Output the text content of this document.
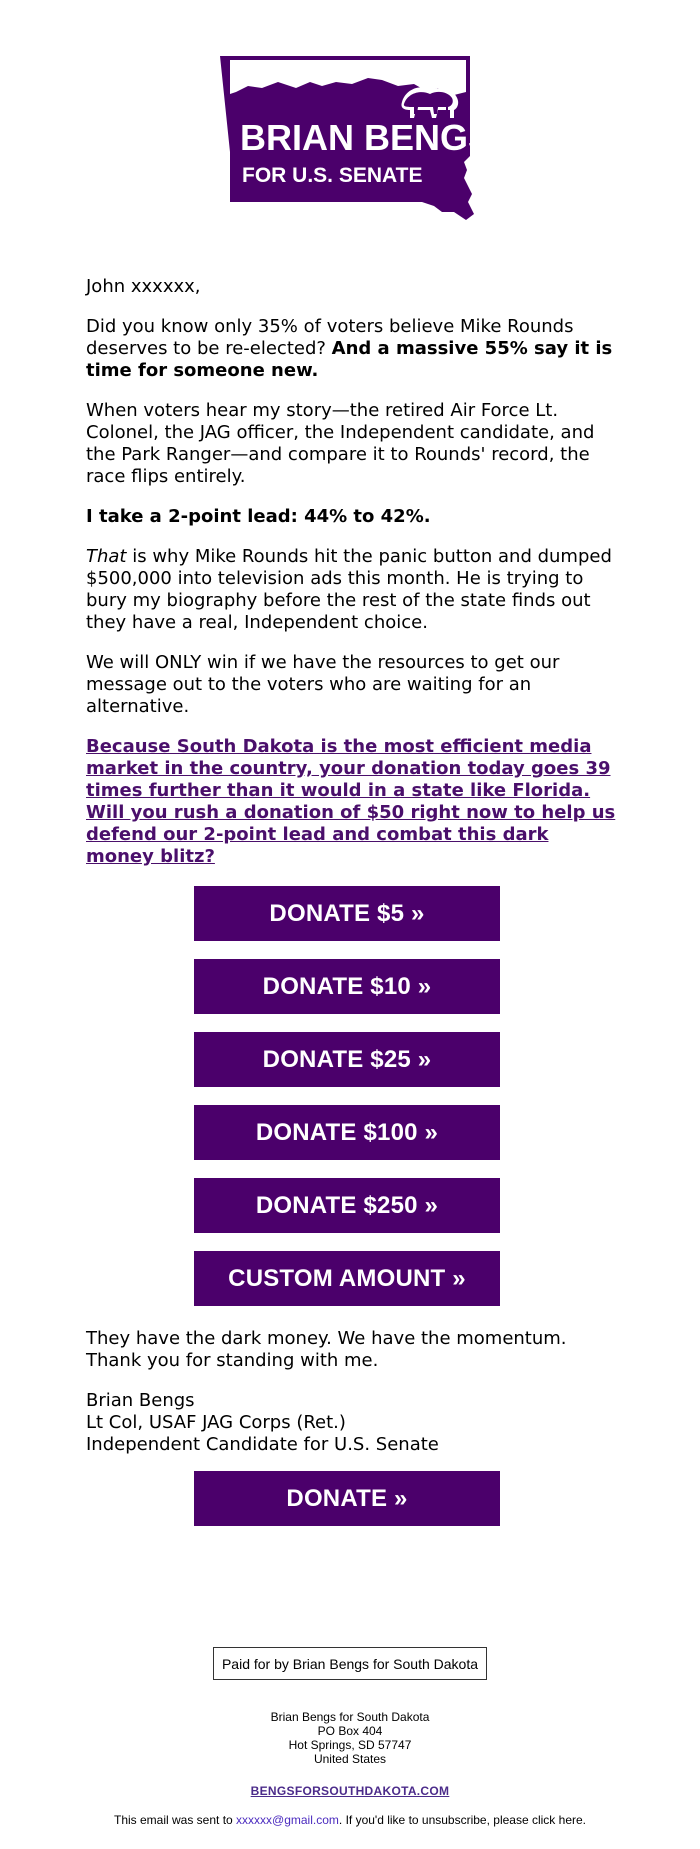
BRIAN BENGS
FOR U.S. SENATE
John xxxxxx,
Did you know only 35% of voters believe Mike Rounds deserves to be re-elected? And a massive 55% say it is time for someone new.
When voters hear my story—the retired Air Force Lt. Colonel, the JAG officer, the Independent candidate, and the Park Ranger—and compare it to Rounds' record, the race flips entirely.
I take a 2-point lead: 44% to 42%.
That is why Mike Rounds hit the panic button and dumped $500,000 into television ads this month. He is trying to bury my biography before the rest of the state finds out they have a real, Independent choice.
We will ONLY win if we have the resources to get our message out to the voters who are waiting for an alternative.
Because South Dakota is the most efficient media market in the country, your donation today goes 39 times further than it would in a state like Florida. Will you rush a donation of $50 right now to help us defend our 2-point lead and combat this dark money blitz?
DONATE $5 »
DONATE $10 »
DONATE $25 »
DONATE $100 »
DONATE $250 »
CUSTOM AMOUNT »
They have the dark money. We have the momentum. Thank you for standing with me.
Brian Bengs
Lt Col, USAF JAG Corps (Ret.)
Independent Candidate for U.S. Senate
DONATE »
Paid for by Brian Bengs for South Dakota
Brian Bengs for South Dakota
PO Box 404
Hot Springs, SD 57747
United States
BENGSFORSOUTHDAKOTA.COM
This email was sent to xxxxxx@gmail.com. If you'd like to unsubscribe, please click here.
